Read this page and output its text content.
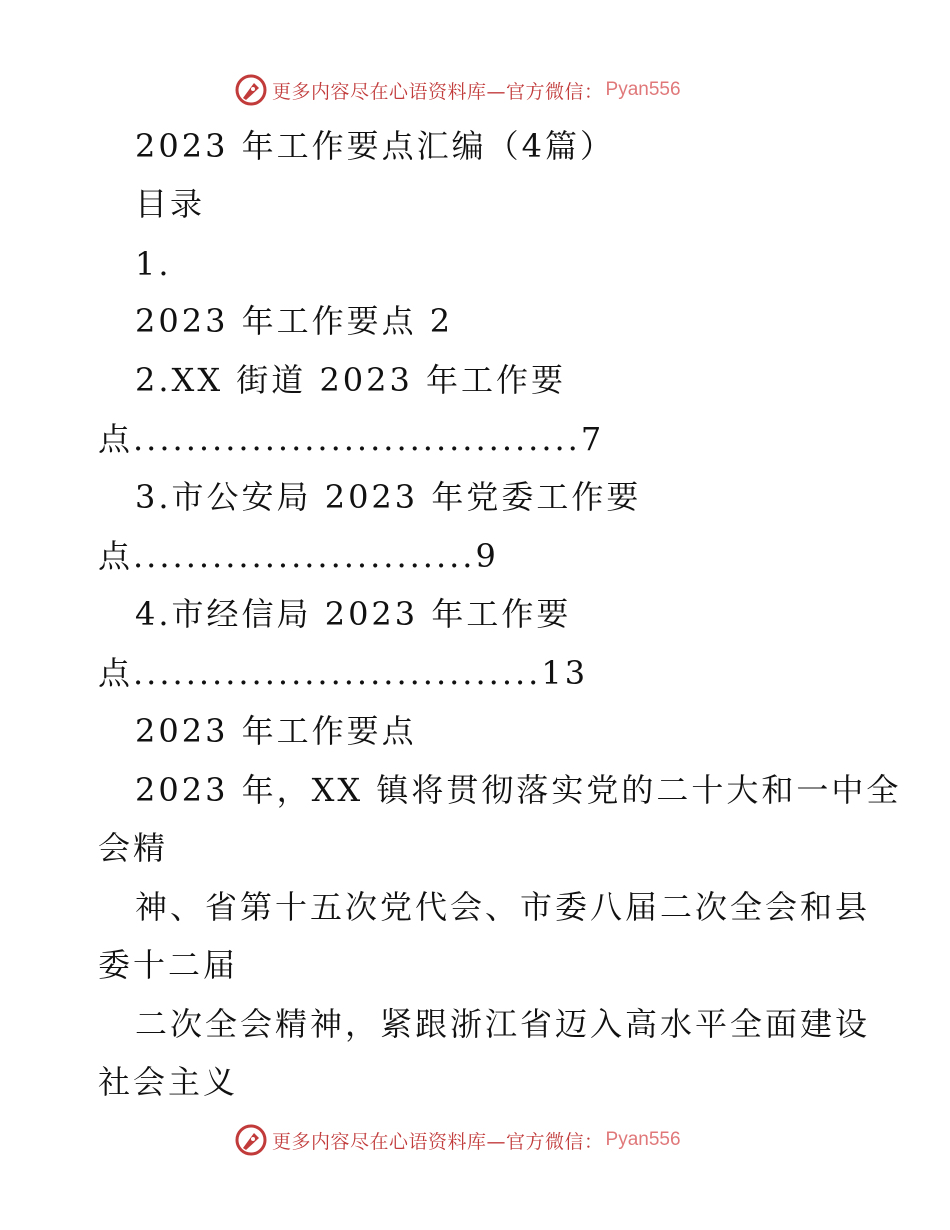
更多内容尽在心语资料库—官方微信： Pyan556
2023 年工作要点汇编（4篇）
目录
1.
2023 年工作要点 2
2.XX 街道 2023 年工作要
点..................................7
3.市公安局 2023 年党委工作要
点..........................9
4.市经信局 2023 年工作要
点...............................13
2023 年工作要点
2023 年，XX 镇将贯彻落实党的二十大和一中全
会精
神、省第十五次党代会、市委八届二次全会和县
委十二届
二次全会精神，紧跟浙江省迈入高水平全面建设
社会主义
更多内容尽在心语资料库—官方微信： Pyan556
